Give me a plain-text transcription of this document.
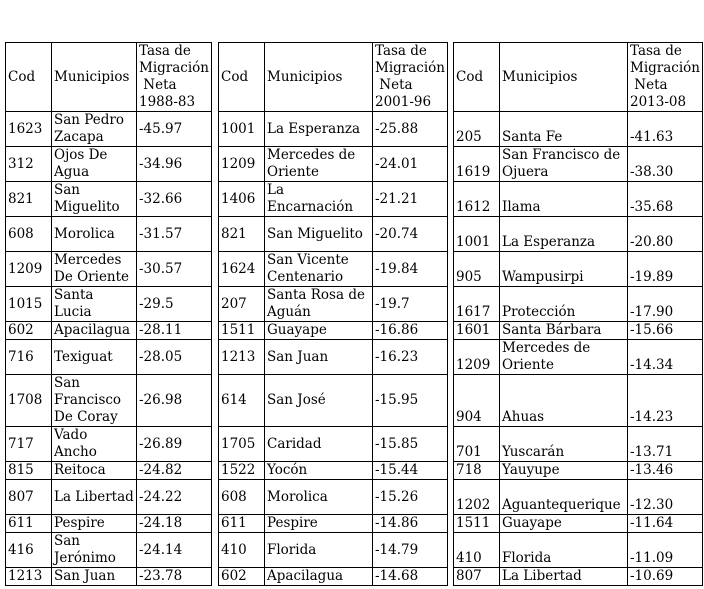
Cod	Municipios	Tasa de
Migración
Neta
1988-83

1623	San Pedro Zacapa	-45.97
312	Ojos De Agua	-34.96
821	San Miguelito	-32.66
608	Morolica	-31.57
1209	Mercedes De Oriente	-30.57
1015	Santa Lucia	-29.5
602	Apacilagua	-28.11
716	Texiguat	-28.05
1708	San Francisco De Coray	-26.98
717	Vado Ancho	-26.89
815	Reitoca	-24.82
807	La Libertad	-24.22
611	Pespire	-24.18
416	San Jerónimo	-24.14
1213	San Juan	-23.78
Cod	Municipios	Tasa de
Migración
Neta
2001-96

1001	La Esperanza	-25.88
1209	Mercedes de Oriente	-24.01
1406	La Encarnación	-21.21
821	San Miguelito	-20.74
1624	San Vicente Centenario	-19.84
207	Santa Rosa de Aguán	-19.7
1511	Guayape	-16.86
1213	San Juan	-16.23
614	San José	-15.95
1705	Caridad	-15.85
1522	Yocón	-15.44
608	Morolica	-15.26
611	Pespire	-14.86
410	Florida	-14.79
602	Apacilagua	-14.68
Cod	Municipios	Tasa de
Migración
Neta
2013-08

205	Santa Fe	-41.63
1619	San Francisco de Ojuera	-38.30
1612	Ilama	-35.68
1001	La Esperanza	-20.80
905	Wampusirpi	-19.89
1617	Protección	-17.90
1601	Santa Bárbara	-15.66
1209	Mercedes de Oriente	-14.34
904	Ahuas	-14.23
701	Yuscarán	-13.71
718	Yauyupe	-13.46
1202	Aguantequerique	-12.30
1511	Guayape	-11.64
410	Florida	-11.09
807	La Libertad	-10.69
